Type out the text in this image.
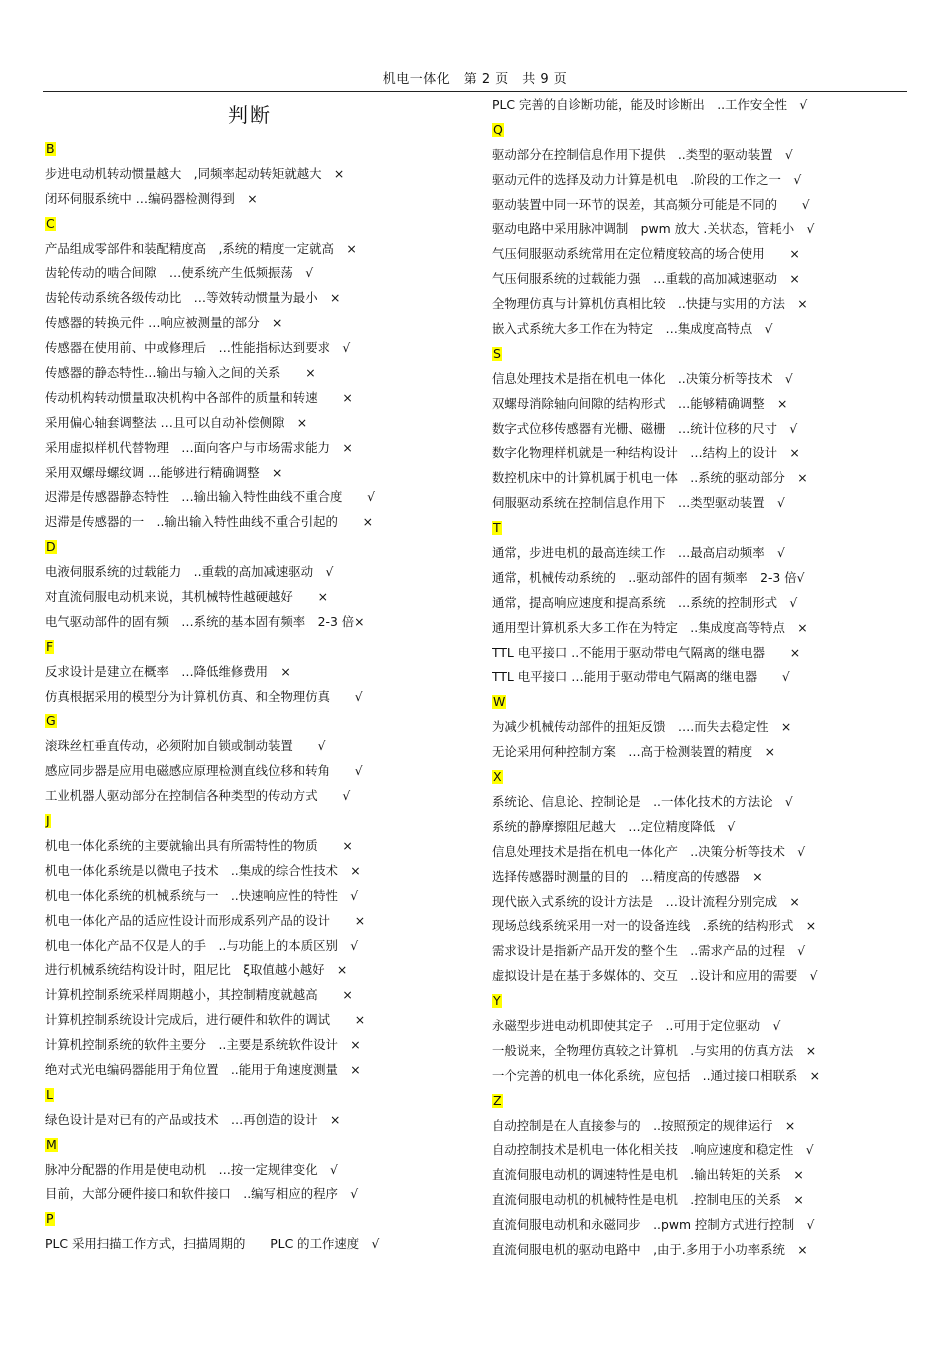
机电一体化　第 2 页　共 9 页
判断
B
步进电动机转动惯量越大　,同频率起动转矩就越大　×
闭环伺服系统中 …编码器检测得到　×
C
产品组成零部件和装配精度高　,系统的精度一定就高　×
齿轮传动的啮合间隙　…使系统产生低频振荡　√
齿轮传动系统各级传动比　…等效转动惯量为最小　×
传感器的转换元件 …响应被测量的部分　×
传感器在使用前、中或修理后　…性能指标达到要求　√
传感器的静态特性…输出与输入之间的关系　　×
传动机构转动惯量取决机构中各部件的质量和转速　　×
采用偏心轴套调整法 …且可以自动补偿侧隙　×
采用虚拟样机代替物理　…面向客户与市场需求能力　×
采用双螺母螺纹调 …能够进行精确调整　×
迟滞是传感器静态特性　…输出输入特性曲线不重合度　　√
迟滞是传感器的一　..输出输入特性曲线不重合引起的　　×
D
电液伺服系统的过载能力　..重载的高加减速驱动　√
对直流伺服电动机来说，其机械特性越硬越好　　×
电气驱动部件的固有频　…系统的基本固有频率　2-3 倍×
F
反求设计是建立在概率　…降低维修费用　×
仿真根据采用的模型分为计算机仿真、和全物理仿真　　√
G
滚珠丝杠垂直传动，必须附加自锁或制动装置　　√
感应同步器是应用电磁感应原理检测直线位移和转角　　√
工业机器人驱动部分在控制信各种类型的传动方式　　√
J
机电一体化系统的主要就输出具有所需特性的物质　　×
机电一体化系统是以微电子技术　..集成的综合性技术　×
机电一体化系统的机械系统与一　..快速响应性的特性　√
机电一体化产品的适应性设计而形成系列产品的设计　　×
机电一体化产品不仅是人的手　..与功能上的本质区别　√
进行机械系统结构设计时，阻尼比　ξ取值越小越好　×
计算机控制系统采样周期越小，其控制精度就越高　　×
计算机控制系统设计完成后，进行硬件和软件的调试　　×
计算机控制系统的软件主要分　..主要是系统软件设计　×
绝对式光电编码器能用于角位置　..能用于角速度测量　×
L
绿色设计是对已有的产品或技术　…再创造的设计　×
M
脉冲分配器的作用是使电动机　…按一定规律变化　√
目前，大部分硬件接口和软件接口　..编写相应的程序　√
P
PLC 采用扫描工作方式，扫描周期的　　PLC 的工作速度　√
PLC 完善的自诊断功能，能及时诊断出　..工作安全性　√
Q
驱动部分在控制信息作用下提供　..类型的驱动装置　√
驱动元件的选择及动力计算是机电　.阶段的工作之一　√
驱动装置中同一环节的误差，其高频分可能是不同的　　√
驱动电路中采用脉冲调制　pwm 放大 .关状态，管耗小　√
气压伺服驱动系统常用在定位精度较高的场合使用　　×
气压伺服系统的过载能力强　…重载的高加减速驱动　×
全物理仿真与计算机仿真相比较　..快捷与实用的方法　×
嵌入式系统大多工作在为特定　…集成度高特点　√
S
信息处理技术是指在机电一体化　..决策分析等技术　√
双螺母消除轴向间隙的结构形式　…能够精确调整　×
数字式位移传感器有光栅、磁栅　…统计位移的尺寸　√
数字化物理样机就是一种结构设计　…结构上的设计　×
数控机床中的计算机属于机电一体　..系统的驱动部分　×
伺服驱动系统在控制信息作用下　…类型驱动装置　√
T
通常，步进电机的最高连续工作　…最高启动频率　√
通常，机械传动系统的　..驱动部件的固有频率　2-3 倍√
通常，提高响应速度和提高系统　…系统的控制形式　√
通用型计算机系大多工作在为特定　..集成度高等特点　×
TTL 电平接口 ..不能用于驱动带电气隔离的继电器　　×
TTL 电平接口 …能用于驱动带电气隔离的继电器　　√
W
为减少机械传动部件的扭矩反馈　….而失去稳定性　×
无论采用何种控制方案　…高于检测装置的精度　×
X
系统论、信息论、控制论是　..一体化技术的方法论　√
系统的静摩擦阻尼越大　…定位精度降低　√
信息处理技术是指在机电一体化产　..决策分析等技术　√
选择传感器时测量的目的　…精度高的传感器　×
现代嵌入式系统的设计方法是　…设计流程分别完成　×
现场总线系统采用一对一的设备连线　.系统的结构形式　×
需求设计是指新产品开发的整个生　..需求产品的过程　√
虚拟设计是在基于多媒体的、交互　..设计和应用的需要　√
Y
永磁型步进电动机即使其定子　..可用于定位驱动　√
一般说来，全物理仿真较之计算机　.与实用的仿真方法　×
一个完善的机电一体化系统，应包括　..通过接口相联系　×
Z
自动控制是在人直接参与的　..按照预定的规律运行　×
自动控制技术是机电一体化相关技　.响应速度和稳定性　√
直流伺服电动机的调速特性是电机　.输出转矩的关系　×
直流伺服电动机的机械特性是电机　.控制电压的关系　×
直流伺服电动机和永磁同步　..pwm 控制方式进行控制　√
直流伺服电机的驱动电路中　,由于.多用于小功率系统　×
